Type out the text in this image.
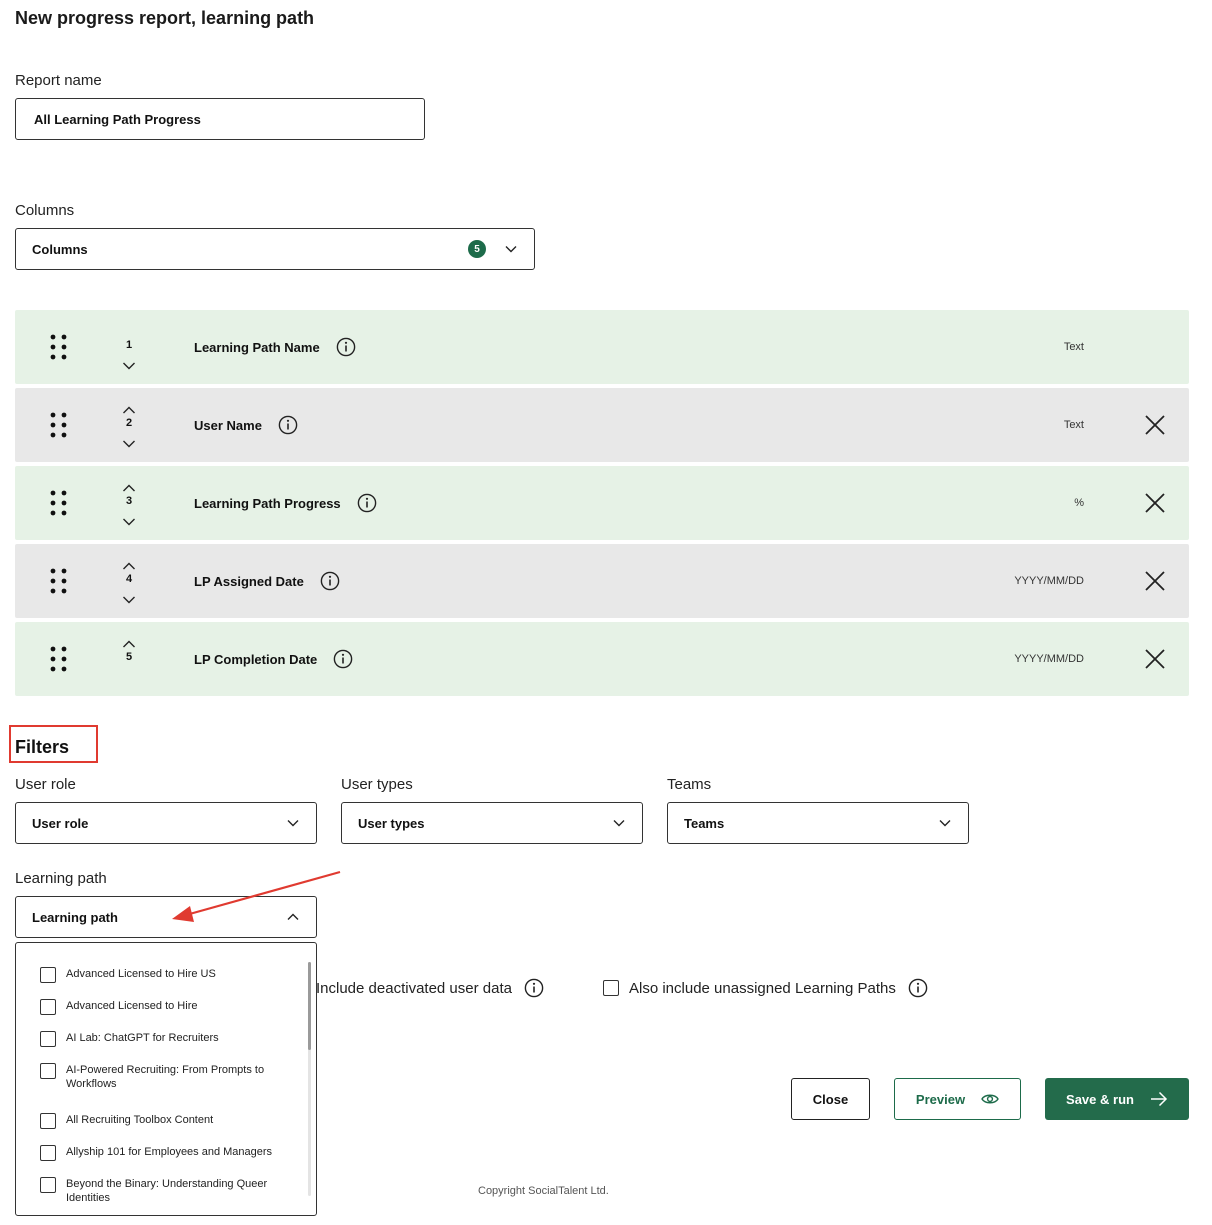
New progress report, learning path
Report name
All Learning Path Progress
Columns
Columns	5
1	Learning Path Name	Text
2	User Name	Text
3	Learning Path Progress	%
4	LP Assigned Date	YYYY/MM/DD
5	LP Completion Date	YYYY/MM/DD
Filters
User role	User types	Teams
User role	User types	Teams
Learning path
Learning path
Advanced Licensed to Hire US
Advanced Licensed to Hire
AI Lab: ChatGPT for Recruiters
AI-Powered Recruiting: From Prompts to Workflows
All Recruiting Toolbox Content
Allyship 101 for Employees and Managers
Beyond the Binary: Understanding Queer Identities
Include deactivated user data	Also include unassigned Learning Paths
Close	Preview	Save & run
Copyright SocialTalent Ltd.
